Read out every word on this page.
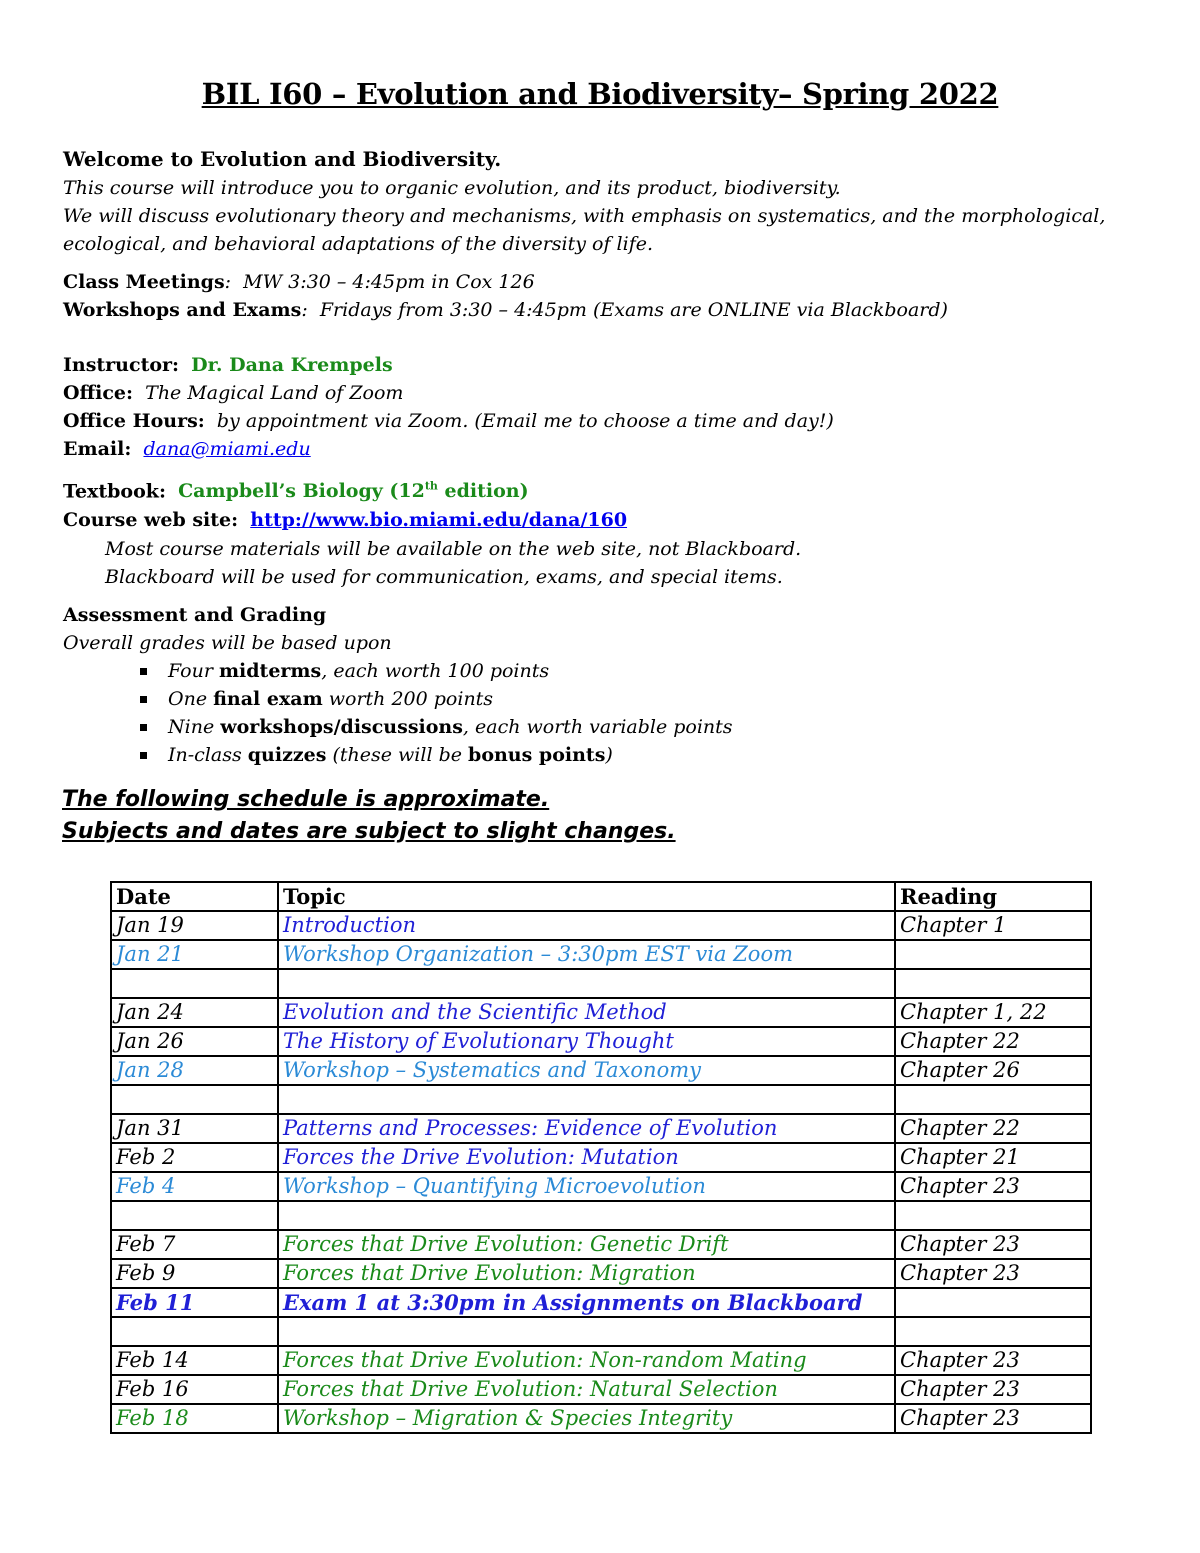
BIL I60 – Evolution and Biodiversity– Spring 2022
Welcome to Evolution and Biodiversity.
This course will introduce you to organic evolution, and its product, biodiversity.
We will discuss evolutionary theory and mechanisms, with emphasis on systematics, and the morphological, ecological, and behavioral adaptations of the diversity of life.
Class Meetings:  MW 3:30 – 4:45pm in Cox 126
Workshops and Exams:  Fridays from 3:30 – 4:45pm (Exams are ONLINE via Blackboard)
Instructor: Dr. Dana Krempels
Office: The Magical Land of Zoom
Office Hours: by appointment via Zoom. (Email me to choose a time and day!)
Email: dana@miami.edu
Textbook: Campbell’s Biology (12th edition)
Course web site: http://www.bio.miami.edu/dana/160
Most course materials will be available on the web site, not Blackboard.
Blackboard will be used for communication, exams, and special items.
Assessment and Grading
Overall grades will be based upon
Four midterms, each worth 100 points
One final exam worth 200 points
Nine workshops/discussions, each worth variable points
In-class quizzes (these will be bonus points)
The following schedule is approximate.
Subjects and dates are subject to slight changes.
Date	Topic	Reading
Jan 19	Introduction	Chapter 1
Jan 21	Workshop Organization – 3:30pm EST via Zoom	

Jan 24	Evolution and the Scientific Method	Chapter 1, 22
Jan 26	The History of Evolutionary Thought	Chapter 22
Jan 28	Workshop – Systematics and Taxonomy	Chapter 26

Jan 31	Patterns and Processes: Evidence of Evolution	Chapter 22
Feb 2	Forces the Drive Evolution: Mutation	Chapter 21
Feb 4	Workshop – Quantifying Microevolution	Chapter 23

Feb 7	Forces that Drive Evolution: Genetic Drift	Chapter 23
Feb 9	Forces that Drive Evolution: Migration	Chapter 23
Feb 11	Exam 1 at 3:30pm in Assignments on Blackboard	

Feb 14	Forces that Drive Evolution: Non-random Mating	Chapter 23
Feb 16	Forces that Drive Evolution: Natural Selection	Chapter 23
Feb 18	Workshop – Migration & Species Integrity	Chapter 23
